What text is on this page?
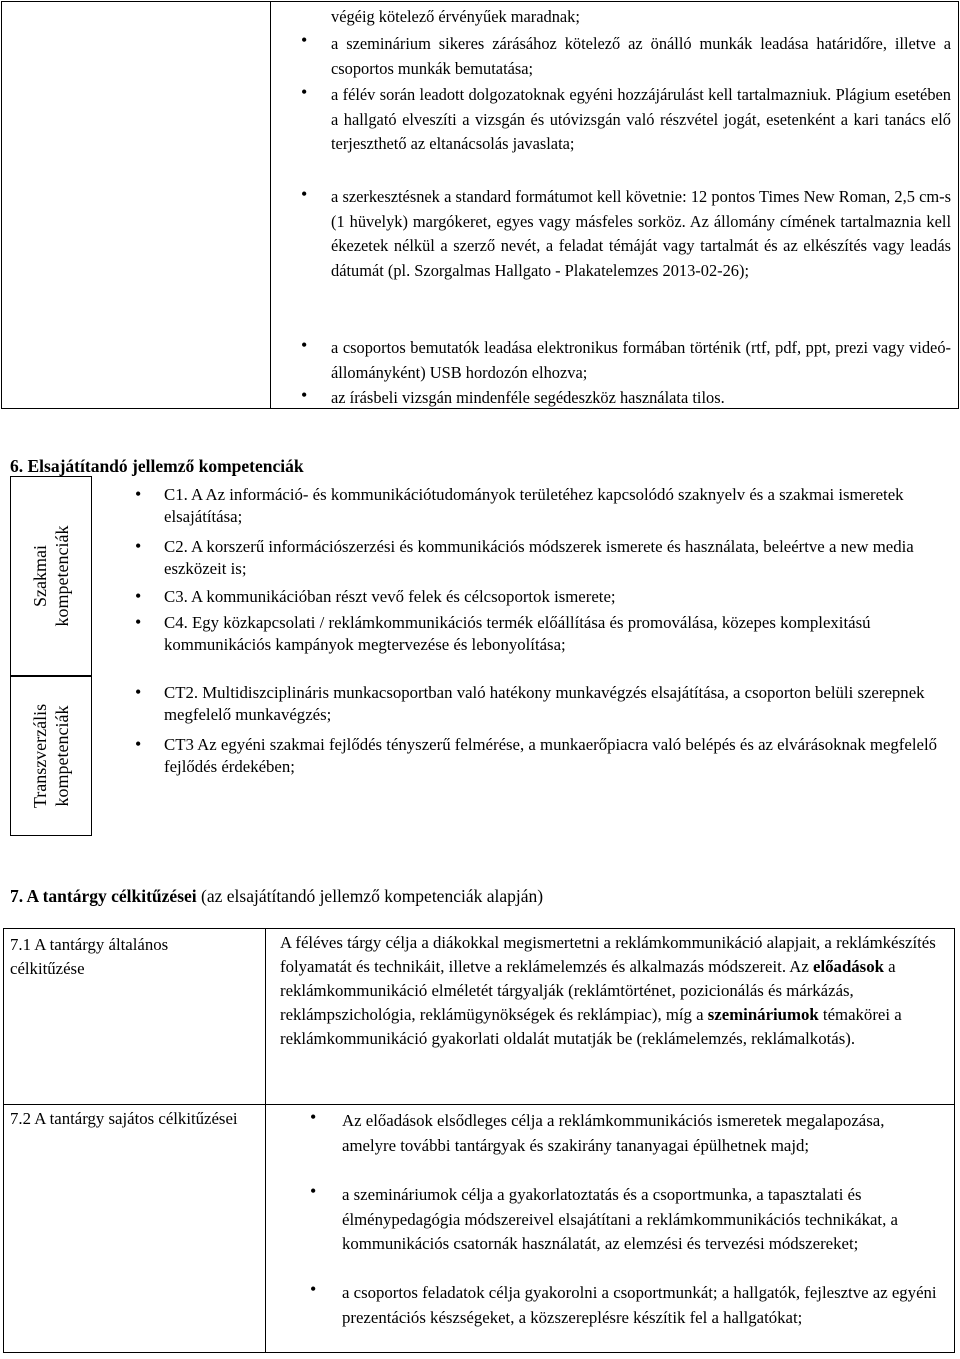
végéig kötelező érvényűek maradnak;

• a szeminárium sikeres zárásához kötelező az önálló munkák leadása határidőre, illetve a csoportos munkák bemutatása;
• a félév során leadott dolgozatoknak egyéni hozzájárulást kell tartalmazniuk. Plágium esetében a hallgató elveszíti a vizsgán és utóvizsgán való részvétel jogát, esetenként a kari tanács elő terjeszthető az eltanácsolás javaslata;
• a szerkesztésnek a standard formátumot kell követnie: 12 pontos Times New Roman, 2,5 cm-s (1 hüvelyk) margókeret, egyes vagy másfeles sorköz. Az állomány címének tartalmaznia kell ékezetek nélkül a szerző nevét, a feladat témáját vagy tartalmát és az elkészítés vagy leadás dátumát (pl. Szorgalmas Hallgato - Plakatelemzes 2013-02-26);
• a csoportos bemutatók leadása elektronikus formában történik (rtf, pdf, ppt, prezi vagy videó-állományként) USB hordozón elhozva;
• az írásbeli vizsgán mindenféle segédeszköz használata tilos.
6. Elsajátítandó jellemző kompetenciák
Szakmai kompetenciák
Transzverzális kompetenciák
• C1. A Az információ- és kommunikációtudományok területéhez kapcsolódó szaknyelv és a szakmai ismeretek elsajátítása;
• C2. A korszerű információszerzési és kommunikációs módszerek ismerete és használata, beleértve a new media eszközeit is;
• C3. A kommunikációban részt vevő felek és célcsoportok ismerete;
• C4. Egy közkapcsolati / reklámkommunikációs termék előállítása és promoválása, közepes komplexitású kommunikációs kampányok megtervezése és lebonyolítása;
• CT2. Multidiszciplináris munkacsoportban való hatékony munkavégzés elsajátítása, a csoporton belüli szerepnek megfelelő munkavégzés;
• CT3 Az egyéni szakmai fejlődés tényszerű felmérése, a munkaerőpiacra való belépés és az elvárásoknak megfelelő fejlődés érdekében;
7. A tantárgy célkitűzései (az elsajátítandó jellemző kompetenciák alapján)
7.1 A tantárgy általános célkitűzése
7.2 A tantárgy sajátos célkitűzései
A féléves tárgy célja a diákokkal megismertetni a reklámkommunikáció alapjait, a reklámkészítés folyamatát és technikáit, illetve a reklámelemzés és alkalmazás módszereit. Az előadások a reklámkommunikáció elméletét tárgyalják (reklámtörténet, pozicionálás és márkázás, reklámpszichológia, reklámügynökségek és reklámpiac), míg a szemináriumok témakörei a reklámkommunikáció gyakorlati oldalát mutatják be (reklámelemzés, reklámalkotás).
• Az előadások elsődleges célja a reklámkommunikációs ismeretek megalapozása, amelyre további tantárgyak és szakirány tananyagai épülhetnek majd;
• a szemináriumok célja a gyakorlatoztatás és a csoportmunka, a tapasztalati és élménypedagógia módszereivel elsajátítani a reklámkommunikációs technikákat, a kommunikációs csatornák használatát, az elemzési és tervezési módszereket;
• a csoportos feladatok célja gyakorolni a csoportmunkát; a hallgatók, fejlesztve az egyéni prezentációs készségeket, a közszereplésre készítik fel a hallgatókat;
